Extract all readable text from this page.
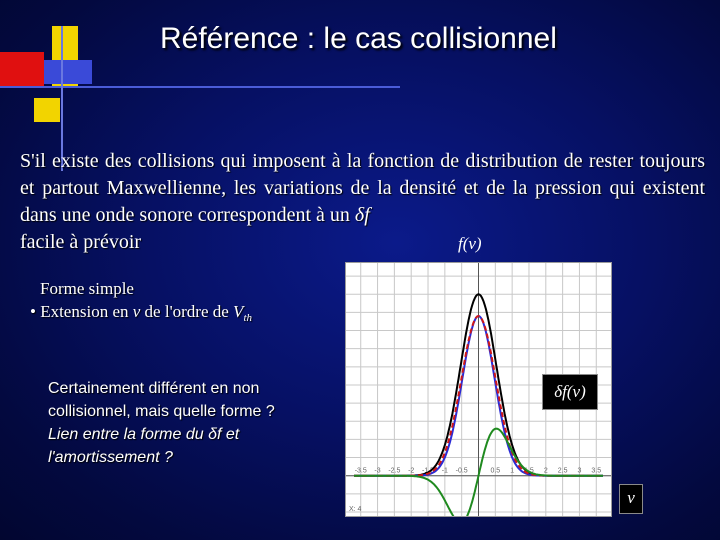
Référence : le cas collisionnel
S'il existe des collisions qui imposent à la fonction de distribution de rester toujours et partout Maxwellienne, les variations de la densité et de la pression qui existent dans une onde sonore correspondent à un δf
facile à prévoir	f(v)
Forme simple
• Extension en v de l'ordre de $V_{th}$
Certainement différent en non collisionnel, mais quelle forme ?
Lien entre la forme du δf et l'amortissement ?
-3.5 -3 -2.5 -2 -1.5 -1 -0.5	0.5 1 1.5 2 2.5 3 3.5
X: 4
δf(v)
v
